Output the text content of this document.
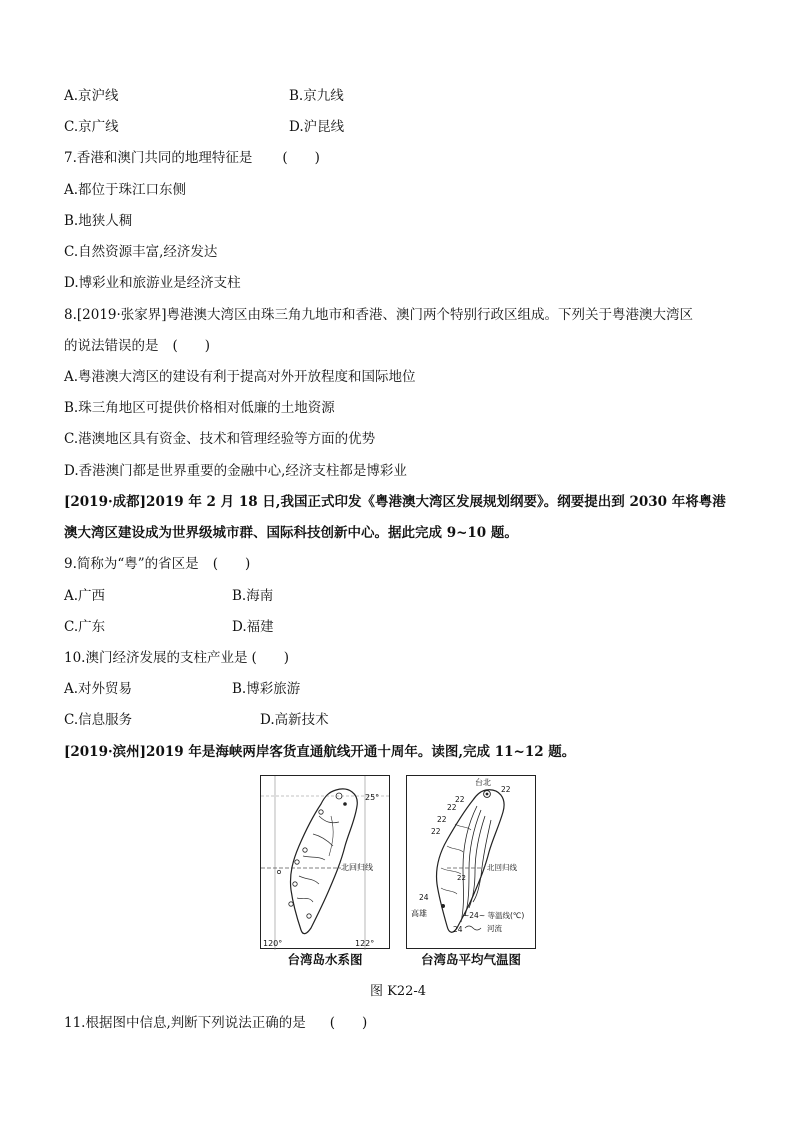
A.京沪线	B.京九线
C.京广线	D.沪昆线
7.香港和澳门共同的地理特征是 (　　)
A.都位于珠江口东侧
B.地狭人稠
C.自然资源丰富,经济发达
D.博彩业和旅游业是经济支柱
8.[2019·张家界]粤港澳大湾区由珠三角九地市和香港、澳门两个特别行政区组成。下列关于粤港澳大湾区
的说法错误的是 (　　)
A.粤港澳大湾区的建设有利于提高对外开放程度和国际地位
B.珠三角地区可提供价格相对低廉的土地资源
C.港澳地区具有资金、技术和管理经验等方面的优势
D.香港澳门都是世界重要的金融中心,经济支柱都是博彩业
[2019·成都]2019 年 2 月 18 日,我国正式印发《粤港澳大湾区发展规划纲要》。纲要提出到 2030 年将粤港
澳大湾区建设成为世界级城市群、国际科技创新中心。据此完成 9~10 题。
9.简称为“粤”的省区是 (　　)
A.广西	B.海南
C.广东	D.福建
10.澳门经济发展的支柱产业是 (　　)
A.对外贸易	B.博彩旅游
C.信息服务	D.高新技术
[2019·滨州]2019 年是海峡两岸客货直通航线开通十周年。读图,完成 11~12 题。
25°
北回归线
120°	122°
台湾岛水系图
台北
高雄
北回归线
22
22
22
22
22
22
24
24
~24~ 等温线(℃)
河流
台湾岛平均气温图
图 K22-4
11.根据图中信息,判断下列说法正确的是 (　　)
